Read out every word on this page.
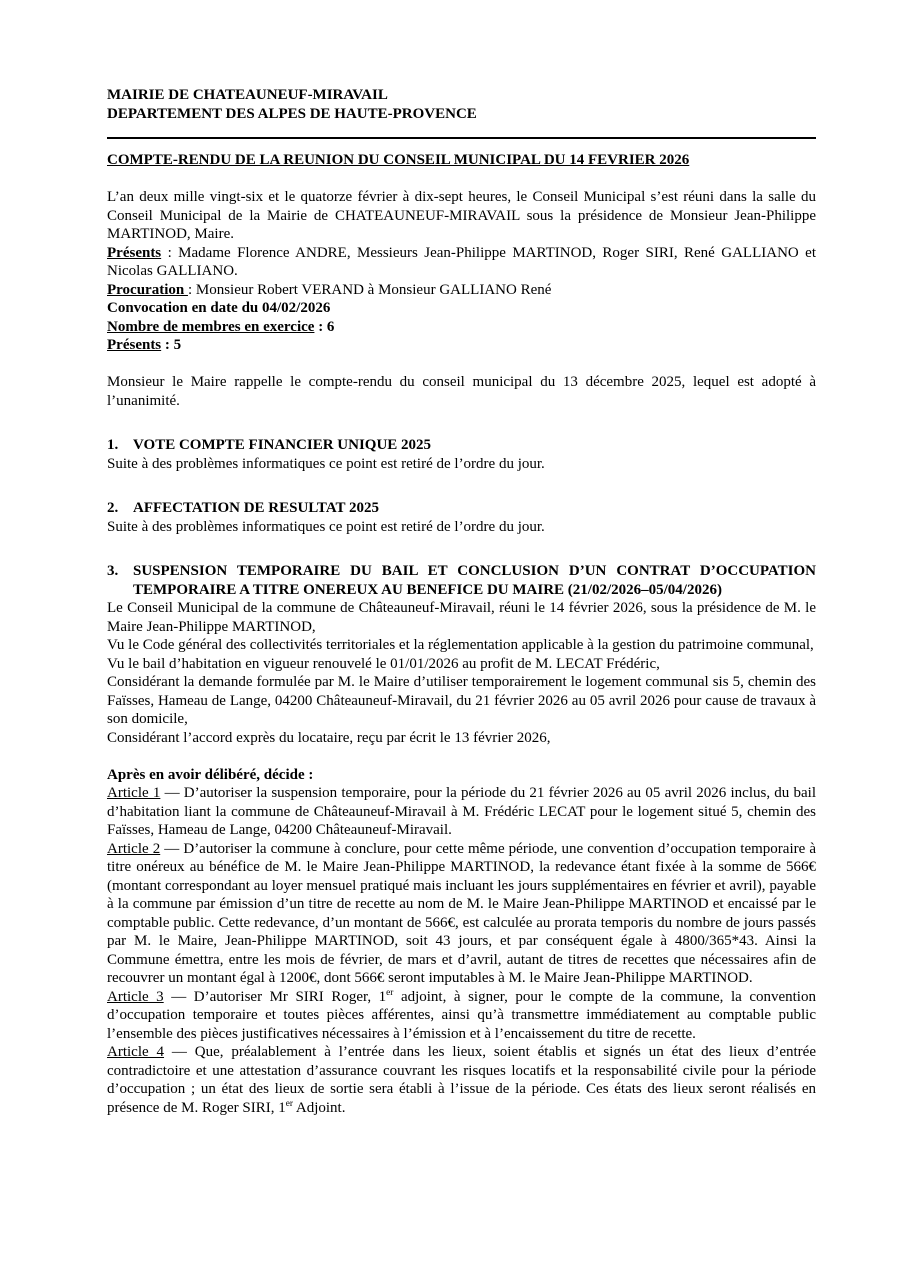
MAIRIE DE CHATEAUNEUF-MIRAVAIL
DEPARTEMENT DES ALPES DE HAUTE-PROVENCE
COMPTE-RENDU DE LA REUNION DU CONSEIL MUNICIPAL DU 14 FEVRIER 2026

L’an deux mille vingt-six et le quatorze février à dix-sept heures, le Conseil Municipal s’est réuni dans la salle du Conseil Municipal de la Mairie de CHATEAUNEUF-MIRAVAIL sous la présidence de Monsieur Jean-Philippe MARTINOD, Maire.

Présents : Madame Florence ANDRE, Messieurs Jean-Philippe MARTINOD, Roger SIRI, René GALLIANO et Nicolas GALLIANO.

Procuration : Monsieur Robert VERAND à Monsieur GALLIANO René

Convocation en date du 04/02/2026

Nombre de membres en exercice : 6

Présents : 5

Monsieur le Maire rappelle le compte-rendu du conseil municipal du 13 décembre 2025, lequel est adopté à l’unanimité.

1. VOTE COMPTE FINANCIER UNIQUE 2025

Suite à des problèmes informatiques ce point est retiré de l’ordre du jour.

2. AFFECTATION DE RESULTAT 2025

Suite à des problèmes informatiques ce point est retiré de l’ordre du jour.

3. SUSPENSION TEMPORAIRE DU BAIL ET CONCLUSION D’UN CONTRAT D’OCCUPATION TEMPORAIRE A TITRE ONEREUX AU BENEFICE DU MAIRE (21/02/2026–05/04/2026)

Le Conseil Municipal de la commune de Châteauneuf-Miravail, réuni le 14 février 2026, sous la présidence de M. le Maire Jean-Philippe MARTINOD,

Vu le Code général des collectivités territoriales et la réglementation applicable à la gestion du patrimoine communal,

Vu le bail d’habitation en vigueur renouvelé le 01/01/2026 au profit de M. LECAT Frédéric,

Considérant la demande formulée par M. le Maire d’utiliser temporairement le logement communal sis 5, chemin des Faïsses, Hameau de Lange, 04200 Châteauneuf-Miravail, du 21 février 2026 au 05 avril 2026 pour cause de travaux à son domicile,

Considérant l’accord exprès du locataire, reçu par écrit le 13 février 2026,

Après en avoir délibéré, décide :

Article 1 — D’autoriser la suspension temporaire, pour la période du 21 février 2026 au 05 avril 2026 inclus, du bail d’habitation liant la commune de Châteauneuf-Miravail à M. Frédéric LECAT pour le logement situé 5, chemin des Faïsses, Hameau de Lange, 04200 Châteauneuf-Miravail.

Article 2 — D’autoriser la commune à conclure, pour cette même période, une convention d’occupation temporaire à titre onéreux au bénéfice de M. le Maire Jean-Philippe MARTINOD, la redevance étant fixée à la somme de 566€ (montant correspondant au loyer mensuel pratiqué mais incluant les jours supplémentaires en février et avril), payable à la commune par émission d’un titre de recette au nom de M. le Maire Jean-Philippe MARTINOD et encaissé par le comptable public. Cette redevance, d’un montant de 566€, est calculée au prorata temporis du nombre de jours passés par M. le Maire, Jean-Philippe MARTINOD, soit 43 jours, et par conséquent égale à 4800/365*43. Ainsi la Commune émettra, entre les mois de février, de mars et d’avril, autant de titres de recettes que nécessaires afin de recouvrer un montant égal à 1200€, dont 566€ seront imputables à M. le Maire Jean-Philippe MARTINOD.

Article 3 — D’autoriser Mr SIRI Roger, 1er adjoint, à signer, pour le compte de la commune, la convention d’occupation temporaire et toutes pièces afférentes, ainsi qu’à transmettre immédiatement au comptable public l’ensemble des pièces justificatives nécessaires à l’émission et à l’encaissement du titre de recette.

Article 4 — Que, préalablement à l’entrée dans les lieux, soient établis et signés un état des lieux d’entrée contradictoire et une attestation d’assurance couvrant les risques locatifs et la responsabilité civile pour la période d’occupation ; un état des lieux de sortie sera établi à l’issue de la période. Ces états des lieux seront réalisés en présence de M. Roger SIRI, 1er Adjoint.
